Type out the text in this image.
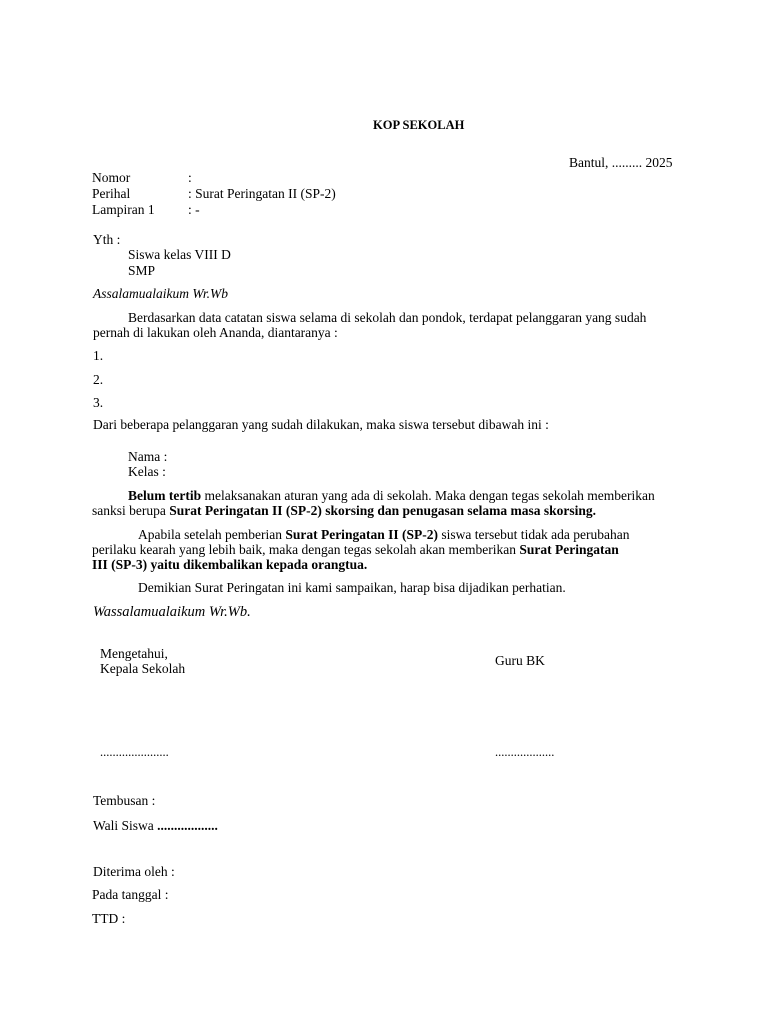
KOP SEKOLAH
Bantul, ......... 2025
Nomor	:
Perihal	: Surat Peringatan II (SP-2)
Lampiran 1 : -
Yth :
Siswa kelas VIII D
SMP
Assalamualaikum Wr.Wb
Berdasarkan data catatan siswa selama di sekolah dan pondok, terdapat pelanggaran yang sudah
pernah di lakukan oleh Ananda, diantaranya :
1.
2.
3.
Dari beberapa pelanggaran yang sudah dilakukan, maka siswa tersebut dibawah ini :
Nama :
Kelas :
Belum tertib melaksanakan aturan yang ada di sekolah. Maka dengan tegas sekolah memberikan
sanksi berupa Surat Peringatan II (SP-2) skorsing dan penugasan selama masa skorsing.
Apabila setelah pemberian Surat Peringatan II (SP-2) siswa tersebut tidak ada perubahan
perilaku kearah yang lebih baik, maka dengan tegas sekolah akan memberikan Surat Peringatan
III (SP-3) yaitu dikembalikan kepada orangtua.
Demikian Surat Peringatan ini kami sampaikan, harap bisa dijadikan perhatian.
Wassalamualaikum Wr.Wb.
Mengetahui,
Kepala Sekolah
Guru BK
......................	...................
Tembusan :
Wali Siswa ..................
Diterima oleh :
Pada tanggal :
TTD :
